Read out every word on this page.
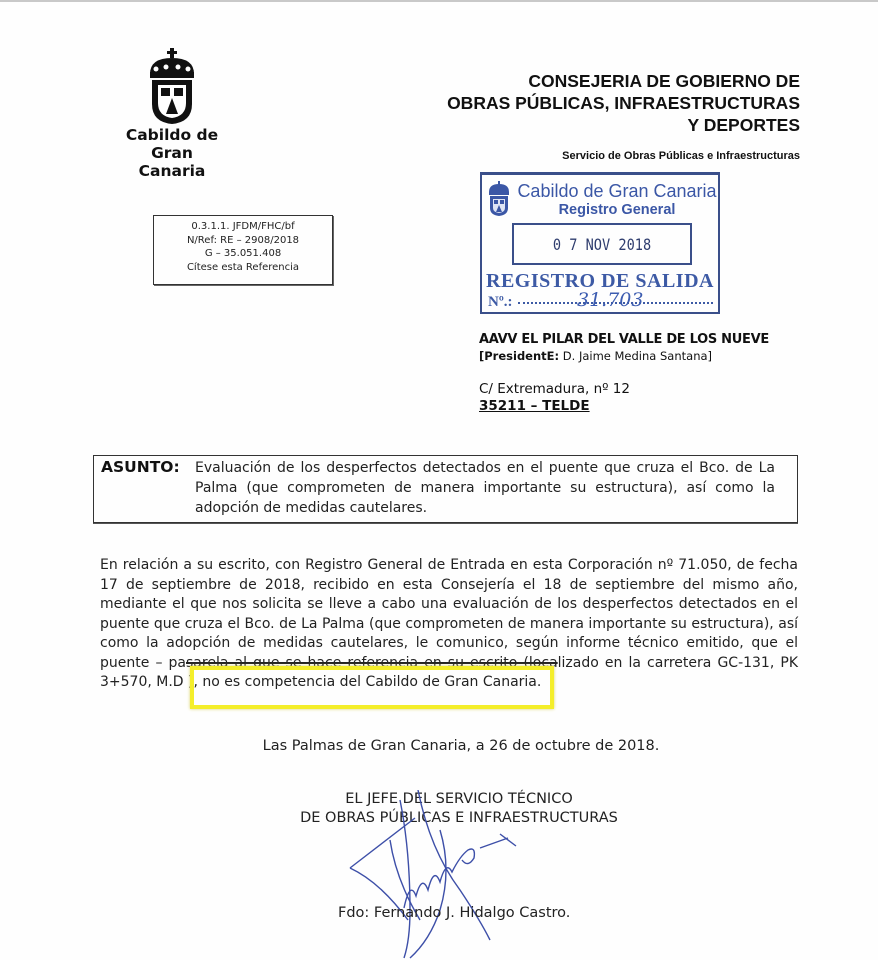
Cabildo de
Gran Canaria
CONSEJERIA DE GOBIERNO DE
OBRAS PÚBLICAS, INFRAESTRUCTURAS
Y DEPORTES
Servicio de Obras Públicas e Infraestructuras
0.3.1.1. JFDM/FHC/bf
N/Ref: RE – 2908/2018
G – 35.051.408
Cítese esta Referencia
Cabildo de Gran Canaria
Registro General
0 7 NOV 2018
REGISTRO DE SALIDA
Nº.:	31.703
AAVV EL PILAR DEL VALLE DE LOS NUEVE
[PresidentE: D. Jaime Medina Santana]
C/ Extremadura, nº 12
35211 – TELDE
ASUNTO: Evaluación de los desperfectos detectados en el puente que cruza el Bco. de La Palma (que comprometen de manera importante su estructura), así como la adopción de medidas cautelares.
En relación a su escrito, con Registro General de Entrada en esta Corporación nº 71.050, de fecha 17 de septiembre de 2018, recibido en esta Consejería el 18 de septiembre del mismo año, mediante el que nos solicita se lleve a cabo una evaluación de los desperfectos detectados en el puente que cruza el Bco. de La Palma (que comprometen de manera importante su estructura), así como la adopción de medidas cautelares, le comunico, según informe técnico emitido, que el puente – pasarela al que se hace referencia en su escrito (localizado en la carretera GC-131, PK 3+570, M.D ), no es competencia del Cabildo de Gran Canaria.
Las Palmas de Gran Canaria, a 26 de octubre de 2018.
EL JEFE DEL SERVICIO TÉCNICO
DE OBRAS PÚBLICAS E INFRAESTRUCTURAS
Fdo: Fernando J. Hidalgo Castro.
